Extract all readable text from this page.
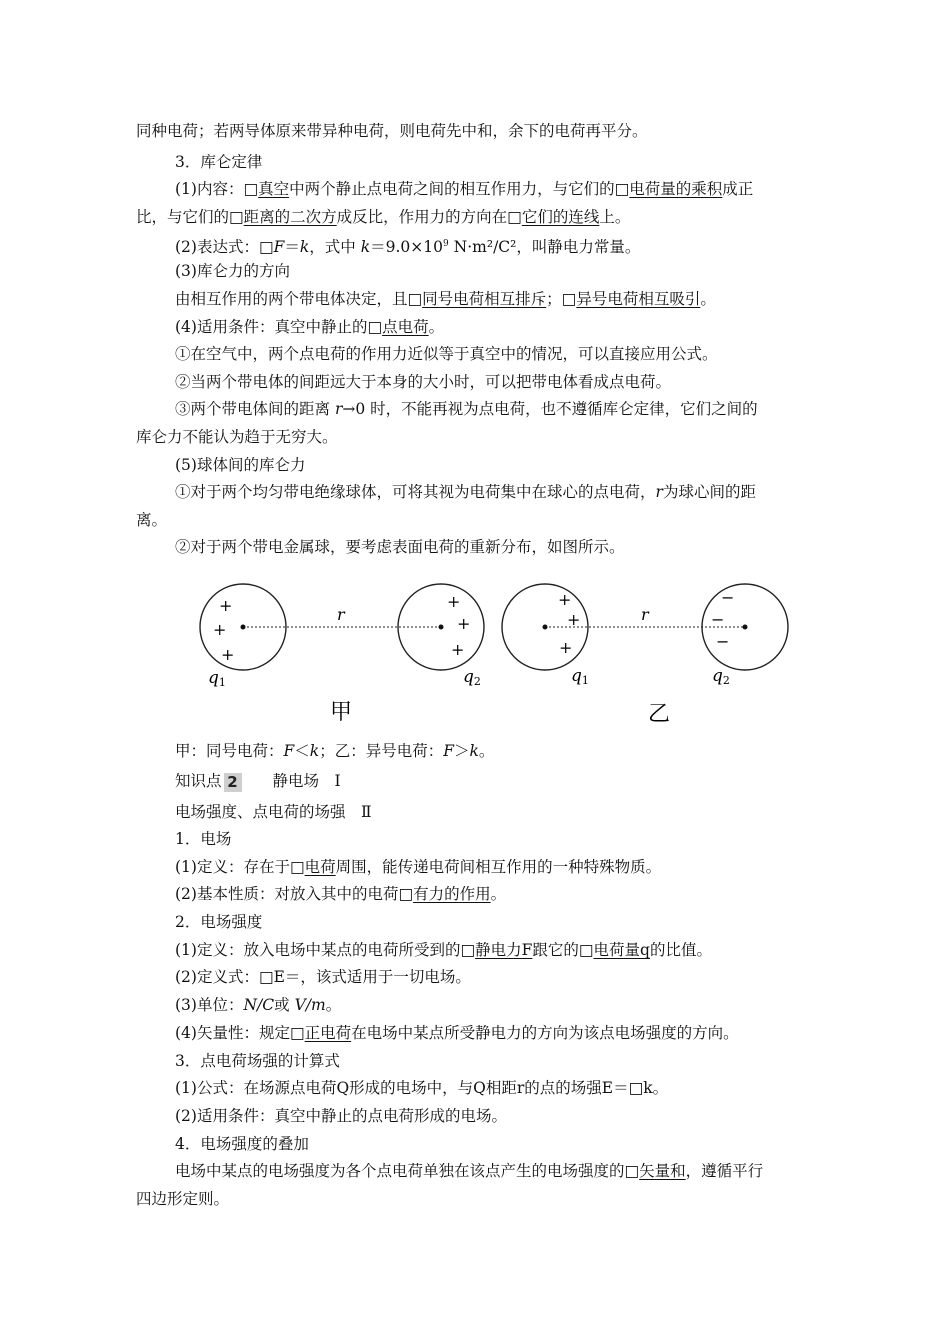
同种电荷；若两导体原来带异种电荷，则电荷先中和，余下的电荷再平分。
3．库仑定律
(1)内容：□真空中两个静止点电荷之间的相互作用力，与它们的□电荷量的乘积成正
比，与它们的□距离的二次方成反比，作用力的方向在□它们的连线上。
(2)表达式：□F＝k，式中 $k=9.0\times 10^9$ N·m²/C²，叫静电力常量。
(3)库仑力的方向
由相互作用的两个带电体决定，且□同号电荷相互排斥；□异号电荷相互吸引。
(4)适用条件：真空中静止的□点电荷。
①在空气中，两个点电荷的作用力近似等于真空中的情况，可以直接应用公式。
②当两个带电体的间距远大于本身的大小时，可以把带电体看成点电荷。
③两个带电体间的距离 r→0 时，不能再视为点电荷，也不遵循库仑定律，它们之间的
库仑力不能认为趋于无穷大。
(5)球体间的库仑力
①对于两个均匀带电绝缘球体，可将其视为电荷集中在球心的点电荷，r为球心间的距
离。
②对于两个带电金属球，要考虑表面电荷的重新分布，如图所示。
+
+
+
+
+
+
r
q1	q2
甲
+
+
+
−
−
−
r
q1	q2
乙
甲：同号电荷：F＜k；乙：异号电荷：F＞k。
知识点 2　　静电场　Ⅰ
电场强度、点电荷的场强　Ⅱ
1．电场
(1)定义：存在于□电荷周围，能传递电荷间相互作用的一种特殊物质。
(2)基本性质：对放入其中的电荷□有力的作用。
2．电场强度
(1)定义：放入电场中某点的电荷所受到的□静电力F跟它的□电荷量q的比值。
(2)定义式：□E＝，该式适用于一切电场。
(3)单位：N/C或 V/m。
(4)矢量性：规定□正电荷在电场中某点所受静电力的方向为该点电场强度的方向。
3．点电荷场强的计算式
(1)公式：在场源点电荷Q形成的电场中，与Q相距r的点的场强E＝□k。
(2)适用条件：真空中静止的点电荷形成的电场。
4．电场强度的叠加
电场中某点的电场强度为各个点电荷单独在该点产生的电场强度的□矢量和，遵循平行
四边形定则。
